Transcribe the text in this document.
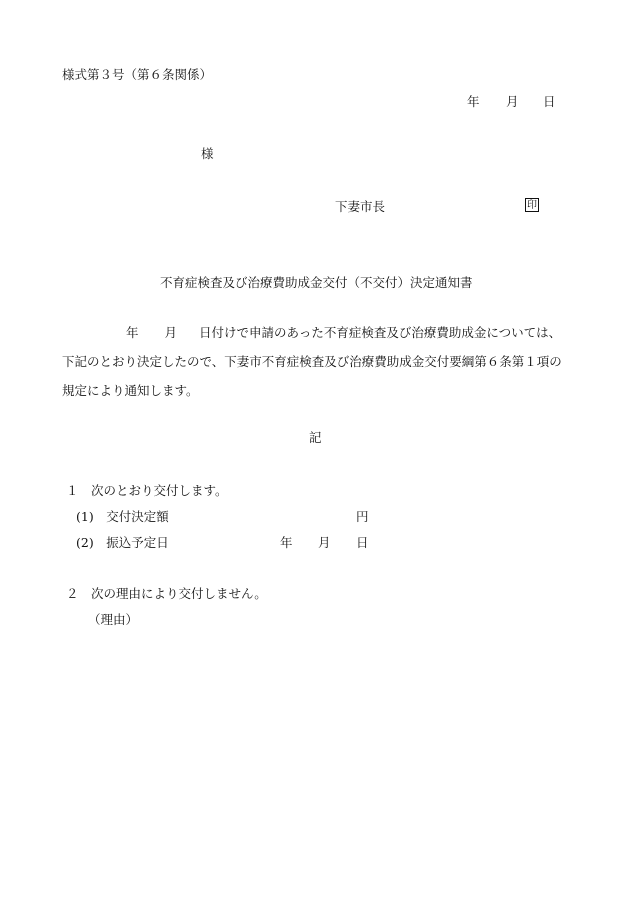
様式第３号（第６条関係）
年 月 日
様
下妻市長	印
不育症検査及び治療費助成金交付（不交付）決定通知書
年 月 日付けで申請のあった不育症検査及び治療費助成金については、
下記のとおり決定したので、下妻市不育症検査及び治療費助成金交付要綱第６条第１項の
規定により通知します。
記
１　次のとおり交付します。
(1)　交付決定額	円
(2)　振込予定日	年 月 日
２　次の理由により交付しません。
（理由）
